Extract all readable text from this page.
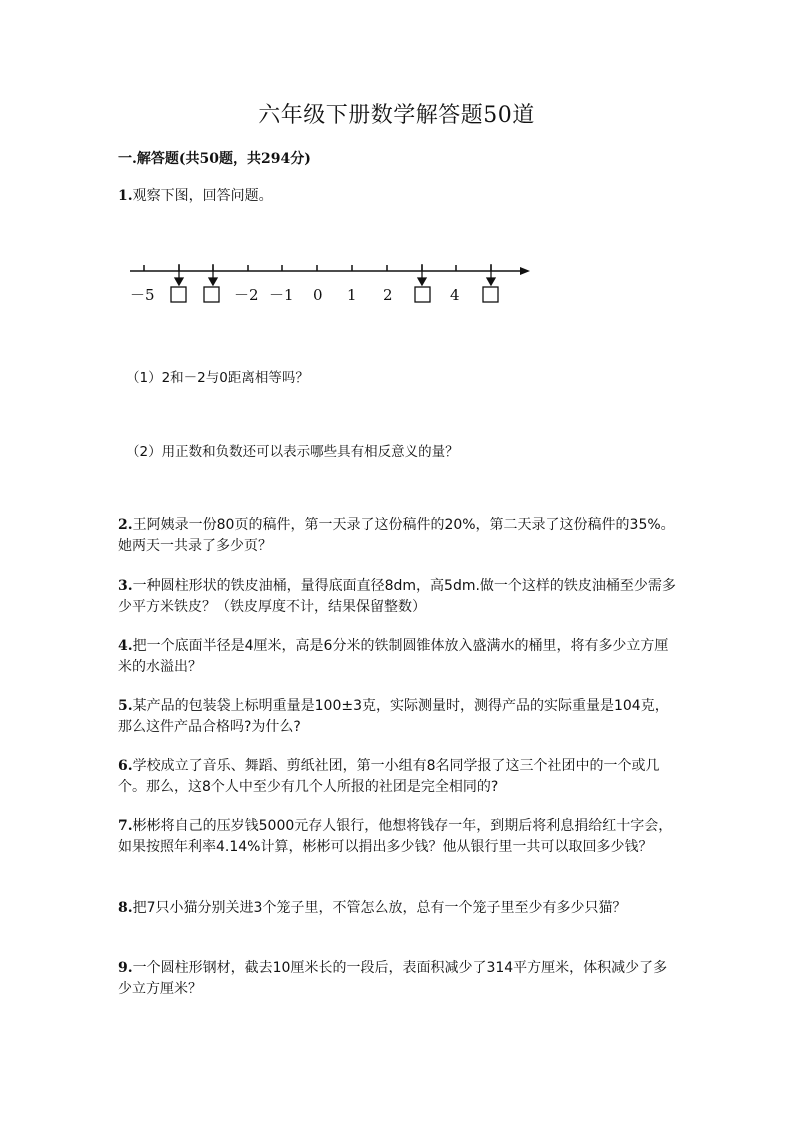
六年级下册数学解答题50道
一.解答题(共50题，共294分)
1.观察下图，回答问题。
－5	－2 －1 0 1 2	4
（1）2和－2与0距离相等吗？
（2）用正数和负数还可以表示哪些具有相反意义的量？
2.王阿姨录一份80页的稿件，第一天录了这份稿件的20%，第二天录了这份稿件的35%。她两天一共录了多少页？
3.一种圆柱形状的铁皮油桶，量得底面直径8dm，高5dm.做一个这样的铁皮油桶至少需多少平方米铁皮？（铁皮厚度不计，结果保留整数）
4.把一个底面半径是4厘米，高是6分米的铁制圆锥体放入盛满水的桶里，将有多少立方厘米的水溢出？
5.某产品的包装袋上标明重量是100±3克，实际测量时，测得产品的实际重量是104克，那么这件产品合格吗?为什么?
6.学校成立了音乐、舞蹈、剪纸社团，第一小组有8名同学报了这三个社团中的一个或几个。那么，这8个人中至少有几个人所报的社团是完全相同的?
7.彬彬将自己的压岁钱5000元存人银行，他想将钱存一年，到期后将利息捐给红十字会，如果按照年利率4.14%计算，彬彬可以捐出多少钱？他从银行里一共可以取回多少钱？
8.把7只小猫分别关进3个笼子里，不管怎么放，总有一个笼子里至少有多少只猫？
9.一个圆柱形钢材，截去10厘米长的一段后，表面积减少了314平方厘米，体积减少了多少立方厘米？
